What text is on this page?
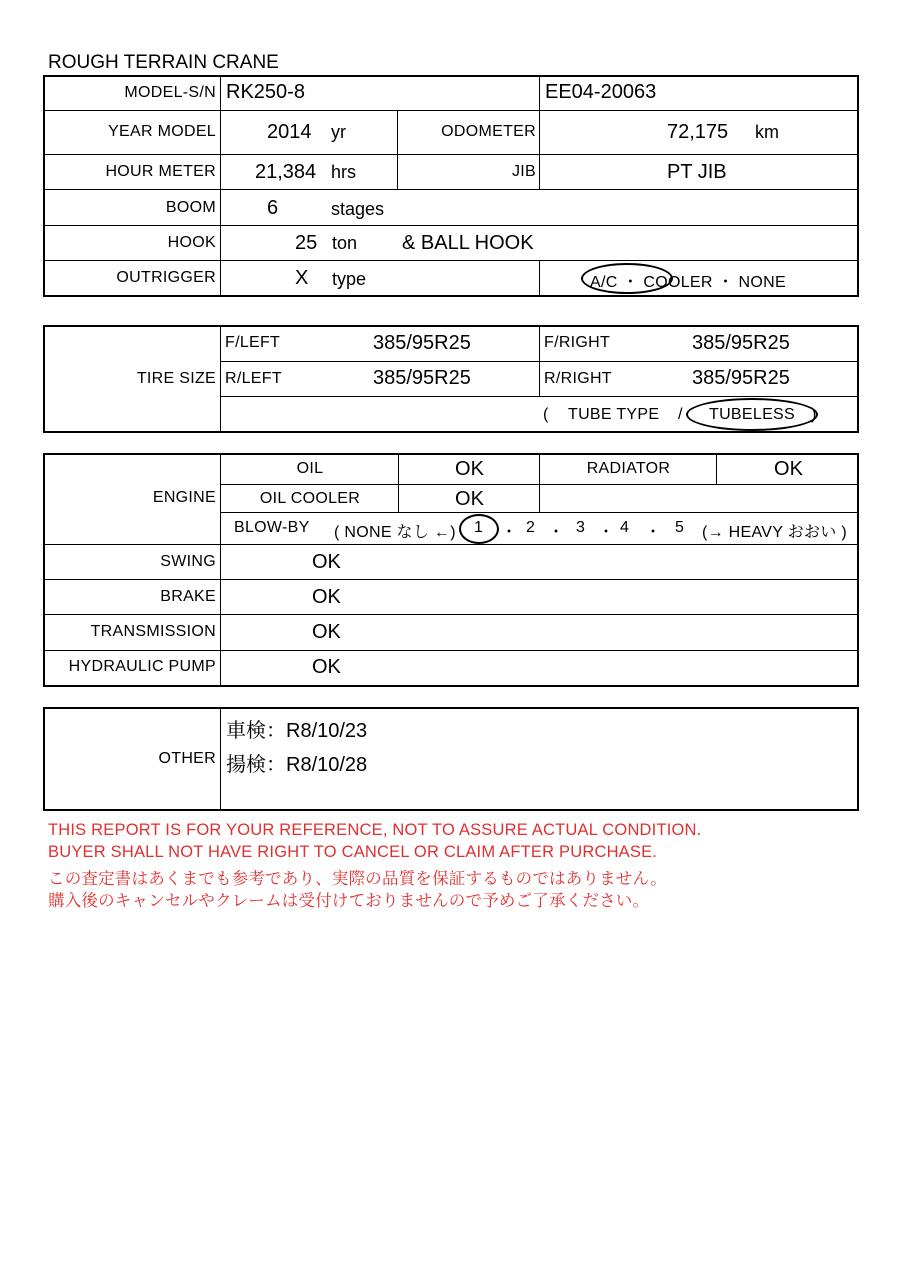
ROUGH TERRAIN CRANE
MODEL-S/N RK250-8	EE04-20063
YEAR MODEL	2014 yr	ODOMETER	72,175 km
HOUR METER 21,384 hrs	JIB	PT JIB
BOOM	6	stages
HOOK	25 ton & BALL HOOK
OUTRIGGER	X type	A/C ・ COOLER ・ NONE
TIRE SIZE
F/LEFT	385/95R25	F/RIGHT	385/95R25
R/LEFT	385/95R25	R/RIGHT	385/95R25
( TUBE TYPE / TUBELESS )
ENGINE
OIL	OK	RADIATOR	OK
OIL COOLER	OK
BLOW-BY ( NONE なし ←) 1 ・ 2 ・ 3 ・ 4 ・ 5 (→ HEAVY おおい )
SWING	OK
BRAKE	OK
TRANSMISSION	OK
HYDRAULIC PUMP	OK
OTHER
車検：R8/10/23
揚検：R8/10/28
THIS REPORT IS FOR YOUR REFERENCE, NOT TO ASSURE ACTUAL CONDITION.
BUYER SHALL NOT HAVE RIGHT TO CANCEL OR CLAIM AFTER PURCHASE.
この査定書はあくまでも参考であり、実際の品質を保証するものではありません。
購入後のキャンセルやクレームは受付けておりませんので予めご了承ください。
